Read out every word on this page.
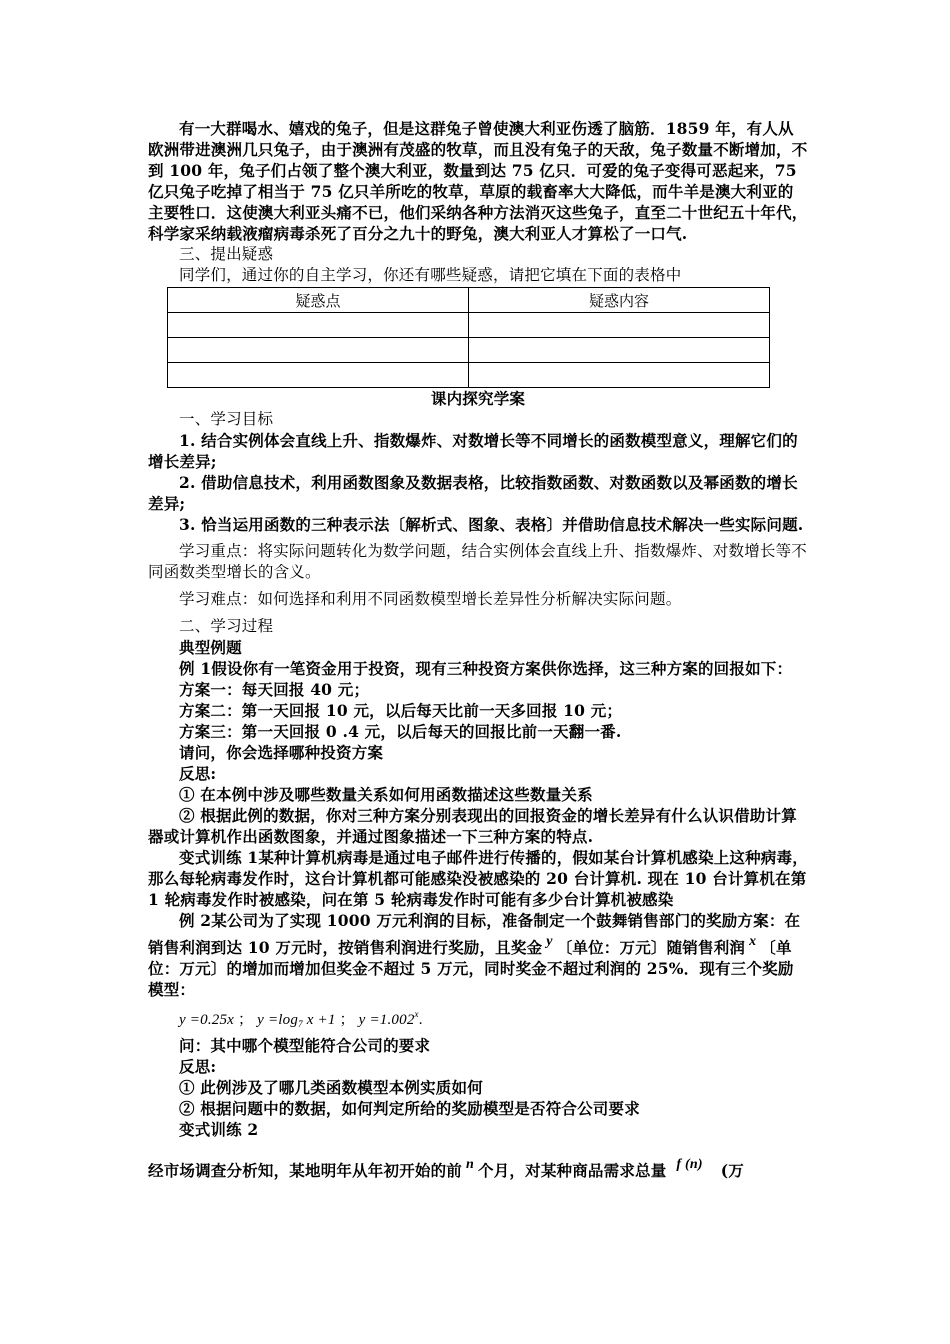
有一大群喝水、嬉戏的兔子，但是这群兔子曾使澳大利亚伤透了脑筋．1859 年，有人从欧洲带进澳洲几只兔子，由于澳洲有茂盛的牧草，而且没有兔子的天敌，兔子数量不断增加，不到 100 年，兔子们占领了整个澳大利亚，数量到达 75 亿只．可爱的兔子变得可恶起来，75 亿只兔子吃掉了相当于 75 亿只羊所吃的牧草，草原的载畜率大大降低，而牛羊是澳大利亚的主要牲口．这使澳大利亚头痛不已，他们采纳各种方法消灭这些兔子，直至二十世纪五十年代，科学家采纳载液瘤病毒杀死了百分之九十的野兔，澳大利亚人才算松了一口气.

三、提出疑惑

同学们，通过你的自主学习，你还有哪些疑惑，请把它填在下面的表格中

疑惑点	疑惑内容

课内探究学案

一、学习目标

1. 结合实例体会直线上升、指数爆炸、对数增长等不同增长的函数模型意义，理解它们的增长差异;

2. 借助信息技术，利用函数图象及数据表格，比较指数函数、对数函数以及幂函数的增长差异;

3. 恰当运用函数的三种表示法〔解析式、图象、表格〕并借助信息技术解决一些实际问题.

学习重点：将实际问题转化为数学问题，结合实例体会直线上升、指数爆炸、对数增长等不同函数类型增长的含义。

学习难点：如何选择和利用不同函数模型增长差异性分析解决实际问题。

二、学习过程

典型例题

例 1假设你有一笔资金用于投资，现有三种投资方案供你选择，这三种方案的回报如下：

方案一：每天回报 40 元；

方案二：第一天回报 10 元，以后每天比前一天多回报 10 元；

方案三：第一天回报 0 .4 元，以后每天的回报比前一天翻一番.

请问，你会选择哪种投资方案

反思:

① 在本例中涉及哪些数量关系如何用函数描述这些数量关系

② 根据此例的数据，你对三种方案分别表现出的回报资金的增长差异有什么认识借助计算器或计算机作出函数图象，并通过图象描述一下三种方案的特点.

变式训练 1某种计算机病毒是通过电子邮件进行传播的，假如某台计算机感染上这种病毒，那么每轮病毒发作时，这台计算机都可能感染没被感染的 20 台计算机. 现在 10 台计算机在第 1 轮病毒发作时被感染，问在第 5 轮病毒发作时可能有多少台计算机被感染

例 2某公司为了实现 1000 万元利润的目标，准备制定一个鼓舞销售部门的奖励方案：在销售利润到达 10 万元时，按销售利润进行奖励，且奖金 y 〔单位：万元〕随销售利润 x 〔单位：万元〕的增加而增加但奖金不超过 5 万元，同时奖金不超过利润的 25%．现有三个奖励模型：

y =0.25x ； $y =\log_7$ x +1 ； $y =1.002^x$.

问：其中哪个模型能符合公司的要求

反思:

① 此例涉及了哪几类函数模型本例实质如何

② 根据问题中的数据，如何判定所给的奖励模型是否符合公司要求

变式训练 2

经市场调查分析知，某地明年从年初开始的前 n 个月，对某种商品需求总量 f (n) (万
